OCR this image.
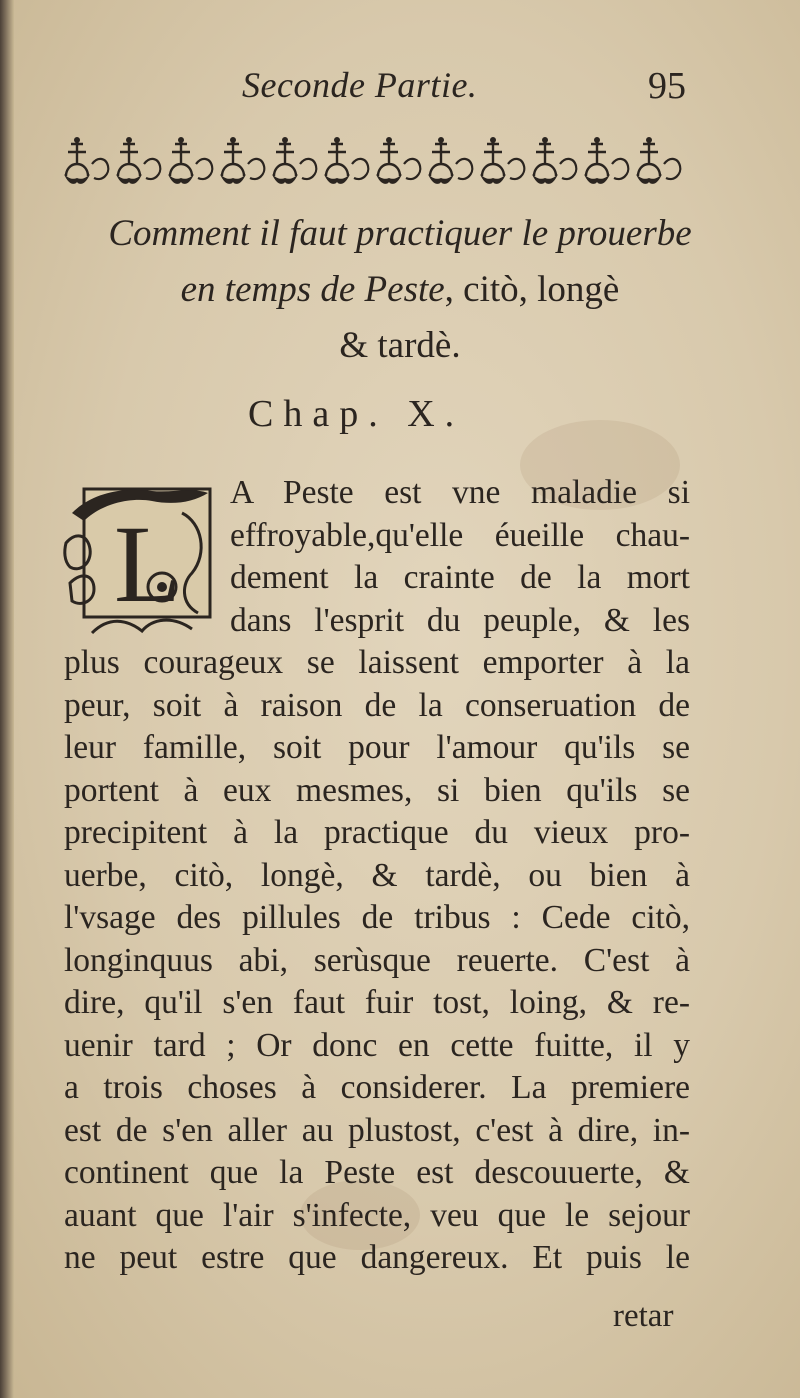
Seconde Partie.	95
Comment il faut practiquer le prouerbe
en temps de Peste, citò, longè
& tardè.
Chap. X.
L
A Peste est vne maladie si
effroyable,qu'elle éueille chau-
dement la crainte de la mort
dans l'esprit du peuple, & les
plus courageux se laissent emporter à la
peur, soit à raison de la conseruation de
leur famille, soit pour l'amour qu'ils se
portent à eux mesmes, si bien qu'ils se
precipitent à la practique du vieux pro-
uerbe, citò, longè, & tardè, ou bien à
l'vsage des pillules de tribus : Cede citò,
longinquus abi, serùsque reuerte. C'est à
dire, qu'il s'en faut fuir tost, loing, & re-
uenir tard ; Or donc en cette fuitte, il y
a trois choses à considerer. La premiere
est de s'en aller au plustost, c'est à dire, in-
continent que la Peste est descouuerte, &
auant que l'air s'infecte, veu que le sejour
ne peut estre que dangereux. Et puis le
retar
